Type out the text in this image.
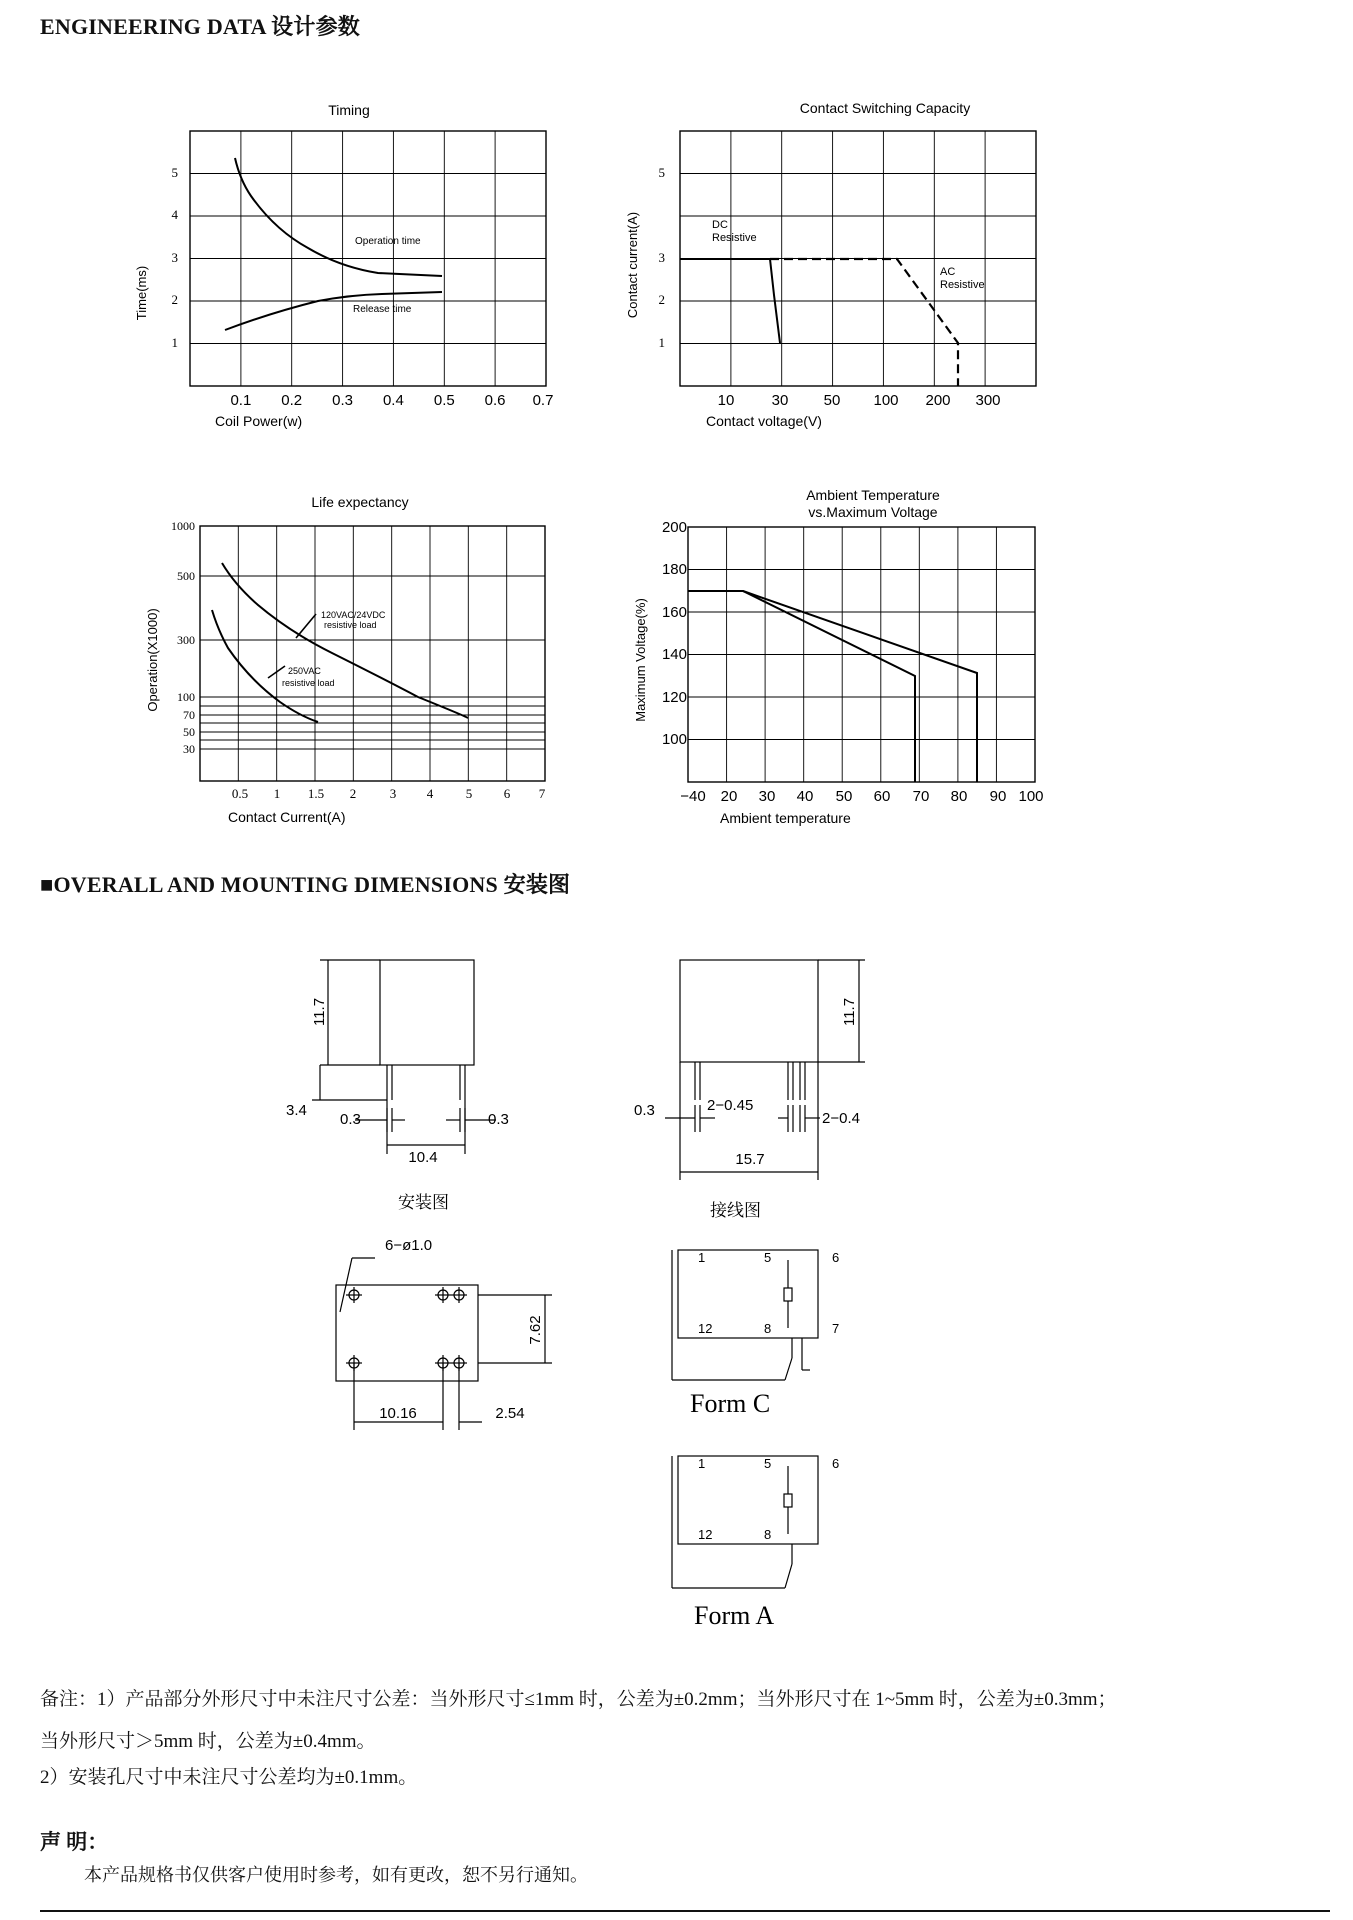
ENGINEERING DATA 设计参数
Timing
1
2
3
4
5
0.1 0.2 0.3 0.4 0.5 0.6 0.7
Coil Power(w)
Time(ms)
Operation time
Release time
Contact Switching Capacity
1
2
3
5
10 30 50 100 200 300
Contact voltage(V)
Contact current(A)	DC
Resistive
AC
Resistive
Life expectancy
1000
500
300
100
70
50
30
0.5 1 1.5 2	3 4	5 6 7
Contact Current(A)
Operation(X1000)	120VAC/24VDC
resistive load
250VAC
resistive load
Ambient Temperature
vs.Maximum Voltage
200
180
160
140
120
100
−40 20 30 40 50 60 70 80 90 100
Ambient temperature
Maximum Voltage(%)
■OVERALL AND MOUNTING DIMENSIONS 安装图
11.7
3.4
0.3	0.3
10.4
11.7
0.3	2−0.45
2−0.4
15.7
安装图	接线图
6−ø1.0
7.62
10.16	2.54
1	5	6
12	8	7
1	5	6
12	8
Form C
Form A
备注：1）产品部分外形尺寸中未注尺寸公差：当外形尺寸≤1mm 时，公差为±0.2mm；当外形尺寸在 1~5mm 时，公差为±0.3mm；
当外形尺寸＞5mm 时，公差为±0.4mm。
2）安装孔尺寸中未注尺寸公差均为±0.1mm。
声 明：
本产品规格书仅供客户使用时参考，如有更改，恕不另行通知。
